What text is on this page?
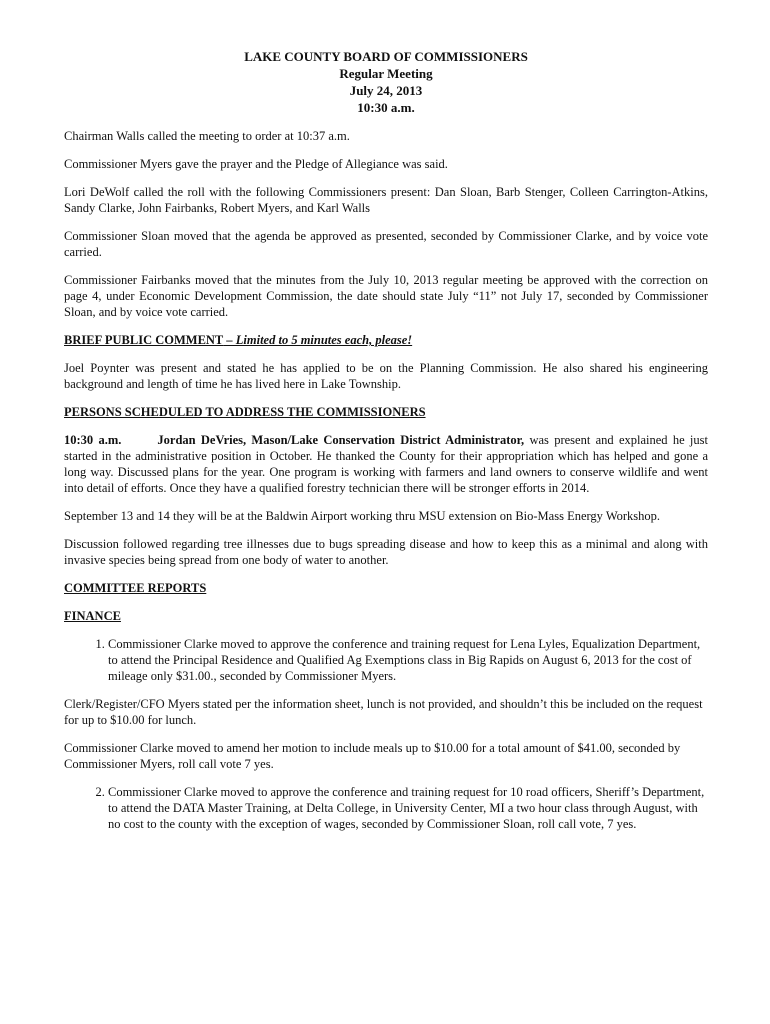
LAKE COUNTY BOARD OF COMMISSIONERS
Regular Meeting
July 24, 2013
10:30 a.m.

Chairman Walls called the meeting to order at 10:37 a.m.

Commissioner Myers gave the prayer and the Pledge of Allegiance was said.

Lori DeWolf called the roll with the following Commissioners present: Dan Sloan, Barb Stenger, Colleen Carrington-Atkins, Sandy Clarke, John Fairbanks, Robert Myers, and Karl Walls

Commissioner Sloan moved that the agenda be approved as presented, seconded by Commissioner Clarke, and by voice vote carried.

Commissioner Fairbanks moved that the minutes from the July 10, 2013 regular meeting be approved with the correction on page 4, under Economic Development Commission, the date should state July “11” not July 17, seconded by Commissioner Sloan, and by voice vote carried.

BRIEF PUBLIC COMMENT – Limited to 5 minutes each, please!

Joel Poynter was present and stated he has applied to be on the Planning Commission. He also shared his engineering background and length of time he has lived here in Lake Township.

PERSONS SCHEDULED TO ADDRESS THE COMMISSIONERS

10:30 a.m.	Jordan DeVries, Mason/Lake Conservation District Administrator, was present and explained he just started in the administrative position in October. He thanked the County for their appropriation which has helped and gone a long way. Discussed plans for the year. One program is working with farmers and land owners to conserve wildlife and went into detail of efforts. Once they have a qualified forestry technician there will be stronger efforts in 2014.

September 13 and 14 they will be at the Baldwin Airport working thru MSU extension on Bio-Mass Energy Workshop.

Discussion followed regarding tree illnesses due to bugs spreading disease and how to keep this as a minimal and along with invasive species being spread from one body of water to another.

COMMITTEE REPORTS
FINANCE
1. Commissioner Clarke moved to approve the conference and training request for Lena Lyles, Equalization Department, to attend the Principal Residence and Qualified Ag Exemptions class in Big Rapids on August 6, 2013 for the cost of mileage only $31.00., seconded by Commissioner Myers.

Clerk/Register/CFO Myers stated per the information sheet, lunch is not provided, and shouldn’t this be included on the request for up to $10.00 for lunch.

Commissioner Clarke moved to amend her motion to include meals up to $10.00 for a total amount of $41.00, seconded by Commissioner Myers, roll call vote 7 yes.

2. Commissioner Clarke moved to approve the conference and training request for 10 road officers, Sheriff’s Department, to attend the DATA Master Training, at Delta College, in University Center, MI a two hour class through August, with no cost to the county with the exception of wages, seconded by Commissioner Sloan, roll call vote, 7 yes.
